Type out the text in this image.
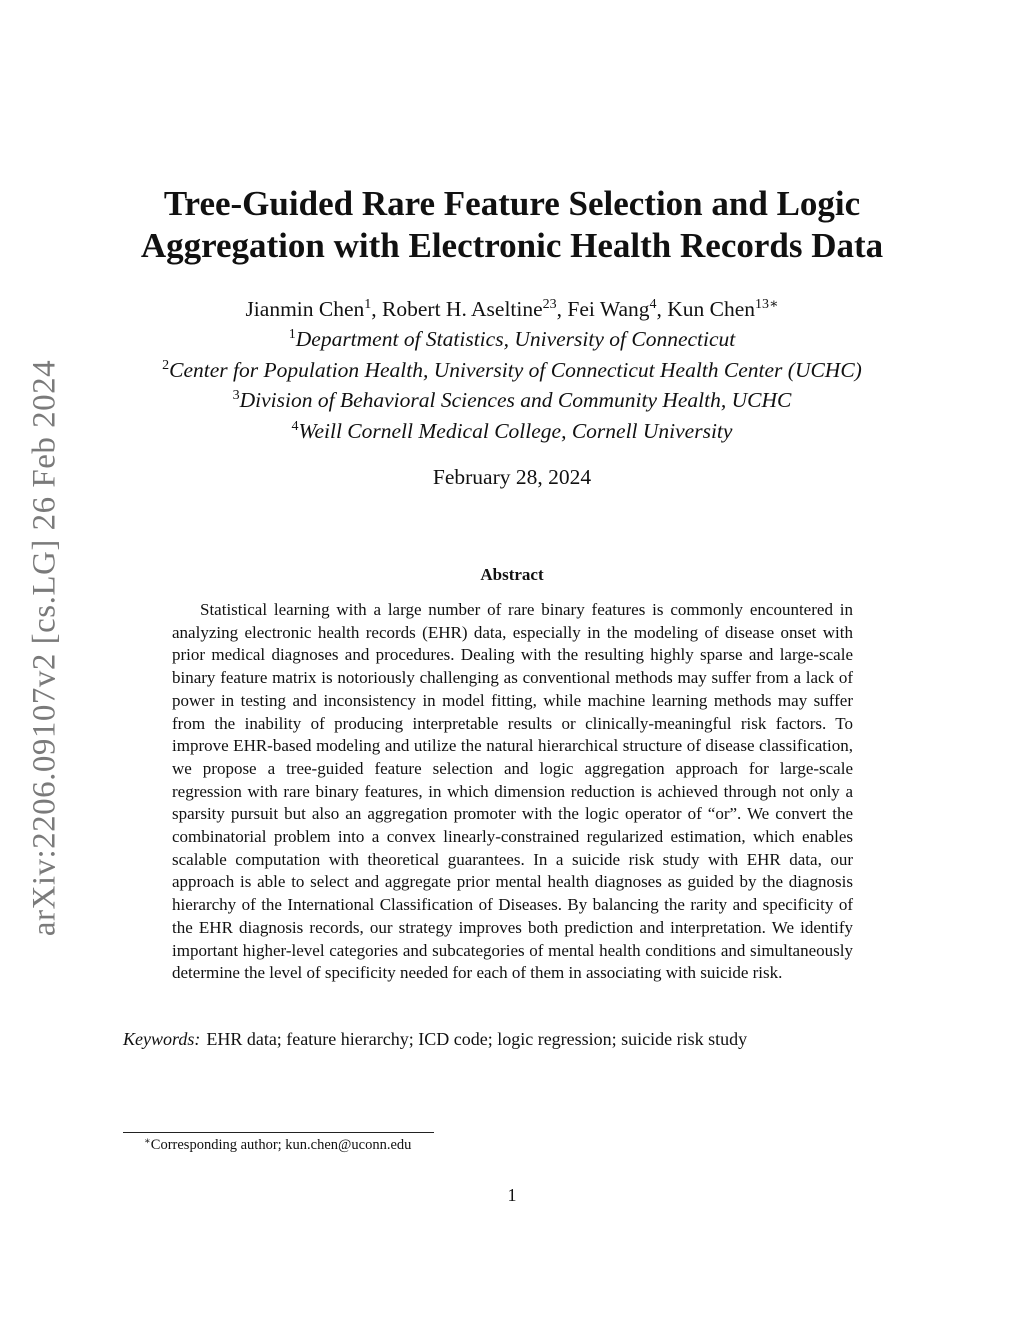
arXiv:2206.09107v2 [cs.LG] 26 Feb 2024
Tree-Guided Rare Feature Selection and Logic
Aggregation with Electronic Health Records Data
Jianmin Chen$^1$, Robert H. Aseltine$^{23}$, Fei Wang$^4$, Kun Chen$^{13∗}$
$^1$Department of Statistics, University of Connecticut
$^2$Center for Population Health, University of Connecticut Health Center (UCHC)
$^3$Division of Behavioral Sciences and Community Health, UCHC
$^4$Weill Cornell Medical College, Cornell University
February 28, 2024
Abstract

Statistical learning with a large number of rare binary features is commonly encountered in analyzing electronic health records (EHR) data, especially in the modeling of disease onset with prior medical diagnoses and procedures. Dealing with the resulting highly sparse and large-scale binary feature matrix is notoriously challenging as conventional methods may suffer from a lack of power in testing and inconsistency in model fitting, while machine learning methods may suffer from the inability of producing interpretable results or clinically-meaningful risk factors. To improve EHR-based modeling and utilize the natural hierarchical structure of disease classification, we propose a tree-guided feature selection and logic aggregation approach for large-scale regression with rare binary features, in which dimension reduction is achieved through not only a sparsity pursuit but also an aggregation promoter with the logic operator of “or”. We convert the combinatorial problem into a convex linearly-constrained regularized estimation, which enables scalable computation with theoretical guarantees. In a suicide risk study with EHR data, our approach is able to select and aggregate prior mental health diagnoses as guided by the diagnosis hierarchy of the International Classification of Diseases. By balancing the rarity and specificity of the EHR diagnosis records, our strategy improves both prediction and interpretation. We identify important higher-level categories and subcategories of mental health conditions and simultaneously determine the level of specificity needed for each of them in associating with suicide risk.

Keywords: EHR data; feature hierarchy; ICD code; logic regression; suicide risk study
∗Corresponding author; kun.chen@uconn.edu
1
